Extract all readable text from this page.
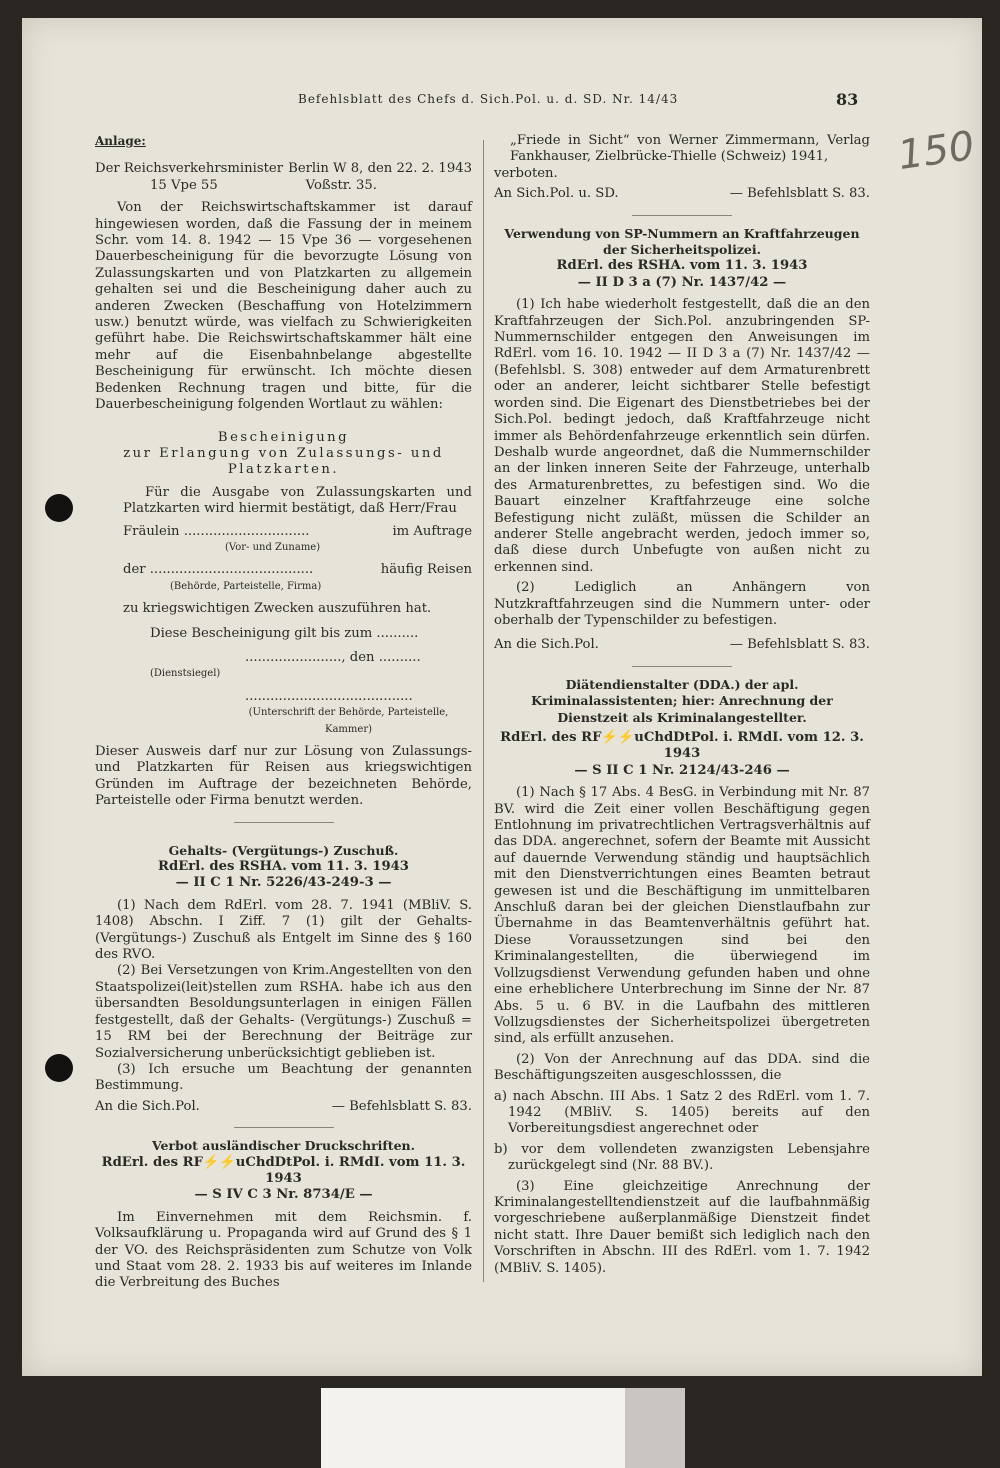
Befehlsblatt des Chefs d. Sich.Pol. u. d. SD. Nr. 14/43	83
150

Anlage:

Der Reichsverkehrsminister Berlin W 8, den 22. 2. 1943
15 Vpe 55	Voßstr. 35.

Von der Reichswirtschaftskammer ist darauf hingewiesen worden, daß die Fassung der in meinem Schr. vom 14. 8. 1942 — 15 Vpe 36 — vorgesehenen Dauerbescheinigung für die bevorzugte Lösung von Zulassungskarten und von Platzkarten zu allgemein gehalten sei und die Bescheinigung daher auch zu anderen Zwecken (Beschaffung von Hotelzimmern usw.) benutzt würde, was vielfach zu Schwierigkeiten geführt habe. Die Reichswirtschaftskammer hält eine mehr auf die Eisenbahnbelange abgestellte Bescheinigung für erwünscht. Ich möchte diesen Bedenken Rechnung tragen und bitte, für die Dauerbescheinigung folgenden Wortlaut zu wählen:

Bescheinigung

zur Erlangung von Zulassungs- und Platzkarten.

Für die Ausgabe von Zulassungskarten und Platzkarten wird hiermit bestätigt, daß Herr/Frau

Fräulein ..............................	im Auftrage

(Vor- und Zuname)

der .......................................	häufig Reisen

(Behörde, Parteistelle, Firma)

zu kriegswichtigen Zwecken auszuführen hat.

Diese Bescheinigung gilt bis zum ..........

......................., den ..........

(Dienstsiegel)

........................................

(Unterschrift der Behörde, Parteistelle, Kammer)

Dieser Ausweis darf nur zur Lösung von Zulassungs- und Platzkarten für Reisen aus kriegswichtigen Gründen im Auftrage der bezeichneten Behörde, Parteistelle oder Firma benutzt werden.

Gehalts- (Vergütungs-) Zuschuß.

RdErl. des RSHA. vom 11. 3. 1943

— II C 1 Nr. 5226/43-249-3 —

(1) Nach dem RdErl. vom 28. 7. 1941 (MBliV. S. 1408) Abschn. I Ziff. 7 (1) gilt der Gehalts- (Vergütungs-) Zuschuß als Entgelt im Sinne des § 160 des RVO.

(2) Bei Versetzungen von Krim.Angestellten von den Staatspolizei(leit)stellen zum RSHA. habe ich aus den übersandten Besoldungsunterlagen in einigen Fällen festgestellt, daß der Gehalts- (Vergütungs-) Zuschuß = 15 RM bei der Berechnung der Beiträge zur Sozialversicherung unberücksichtigt geblieben ist.

(3) Ich ersuche um Beachtung der genannten Bestimmung.

An die Sich.Pol.	— Befehlsblatt S. 83.

Verbot ausländischer Druckschriften.

RdErl. des RF⚡⚡uChdDtPol. i. RMdI. vom 11. 3. 1943

— S IV C 3 Nr. 8734/E —

Im Einvernehmen mit dem Reichsmin. f. Volksaufklärung u. Propaganda wird auf Grund des § 1 der VO. des Reichspräsidenten zum Schutze von Volk und Staat vom 28. 2. 1933 bis auf weiteres im Inlande die Verbreitung des Buches

„Friede in Sicht“ von Werner Zimmermann, Verlag Fankhauser, Zielbrücke-Thielle (Schweiz) 1941,

verboten.

An Sich.Pol. u. SD.	— Befehlsblatt S. 83.

Verwendung von SP-Nummern an Kraftfahrzeugen der Sicherheitspolizei.

RdErl. des RSHA. vom 11. 3. 1943

— II D 3 a (7) Nr. 1437/42 —

(1) Ich habe wiederholt festgestellt, daß die an den Kraftfahrzeugen der Sich.Pol. anzubringenden SP-Nummernschilder entgegen den Anweisungen im RdErl. vom 16. 10. 1942 — II D 3 a (7) Nr. 1437/42 — (Befehlsbl. S. 308) entweder auf dem Armaturenbrett oder an anderer, leicht sichtbarer Stelle befestigt worden sind. Die Eigenart des Dienstbetriebes bei der Sich.Pol. bedingt jedoch, daß Kraftfahrzeuge nicht immer als Behördenfahrzeuge erkenntlich sein dürfen. Deshalb wurde angeordnet, daß die Nummernschilder an der linken inneren Seite der Fahrzeuge, unterhalb des Armaturenbrettes, zu befestigen sind. Wo die Bauart einzelner Kraftfahrzeuge eine solche Befestigung nicht zuläßt, müssen die Schilder an anderer Stelle angebracht werden, jedoch immer so, daß diese durch Unbefugte von außen nicht zu erkennen sind.

(2) Lediglich an Anhängern von Nutzkraftfahrzeugen sind die Nummern unter- oder oberhalb der Typenschilder zu befestigen.

An die Sich.Pol.	— Befehlsblatt S. 83.

Diätendienstalter (DDA.) der apl. Kriminalassistenten; hier: Anrechnung der Dienstzeit als Kriminalangestellter.

RdErl. des RF⚡⚡uChdDtPol. i. RMdI. vom 12. 3. 1943

— S II C 1 Nr. 2124/43-246 —

(1) Nach § 17 Abs. 4 BesG. in Verbindung mit Nr. 87 BV. wird die Zeit einer vollen Beschäftigung gegen Entlohnung im privatrechtlichen Vertragsverhältnis auf das DDA. angerechnet, sofern der Beamte mit Aussicht auf dauernde Verwendung ständig und hauptsächlich mit den Dienstverrichtungen eines Beamten betraut gewesen ist und die Beschäftigung im unmittelbaren Anschluß daran bei der gleichen Dienstlaufbahn zur Übernahme in das Beamtenverhältnis geführt hat. Diese Voraussetzungen sind bei den Kriminalangestellten, die überwiegend im Vollzugsdienst Verwendung gefunden haben und ohne eine erheblichere Unterbrechung im Sinne der Nr. 87 Abs. 5 u. 6 BV. in die Laufbahn des mittleren Vollzugsdienstes der Sicherheitspolizei übergetreten sind, als erfüllt anzusehen.

(2) Von der Anrechnung auf das DDA. sind die Beschäftigungszeiten ausgeschlosssen, die

a) nach Abschn. III Abs. 1 Satz 2 des RdErl. vom 1. 7. 1942 (MBliV. S. 1405) bereits auf den Vorbereitungsdiest angerechnet oder

b) vor dem vollendeten zwanzigsten Lebensjahre zurückgelegt sind (Nr. 88 BV.).

(3) Eine gleichzeitige Anrechnung der Kriminalangestelltendienstzeit auf die laufbahnmäßig vorgeschriebene außerplanmäßige Dienstzeit findet nicht statt. Ihre Dauer bemißt sich lediglich nach den Vorschriften in Abschn. III des RdErl. vom 1. 7. 1942 (MBliV. S. 1405).
